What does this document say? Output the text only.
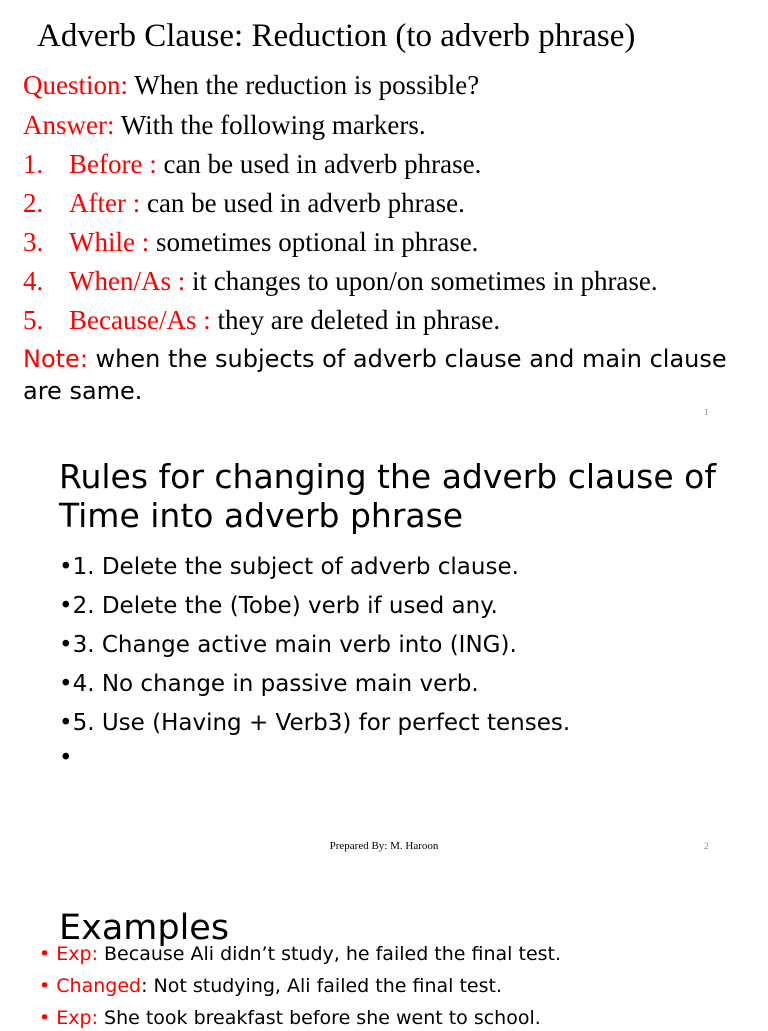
Adverb Clause: Reduction (to adverb phrase)
Question: When the reduction is possible?
Answer: With the following markers.
1. Before : can be used in adverb phrase.
2. After : can be used in adverb phrase.
3. While : sometimes optional in phrase.
4. When/As : it changes to upon/on sometimes in phrase.
5. Because/As : they are deleted in phrase.
Note: when the subjects of adverb clause and main clause are same.
1
Rules for changing the adverb clause of Time into adverb phrase
•1. Delete the subject of adverb clause.
•2. Delete the (Tobe) verb if used any.
•3. Change active main verb into (ING).
•4. No change in passive main verb.
•5. Use (Having + Verb3) for perfect tenses.
•
Prepared By: M. Haroon	2
Examples
• Exp: Because Ali didn’t study, he failed the final test.
• Changed: Not studying, Ali failed the final test.
• Exp: She took breakfast before she went to school.
